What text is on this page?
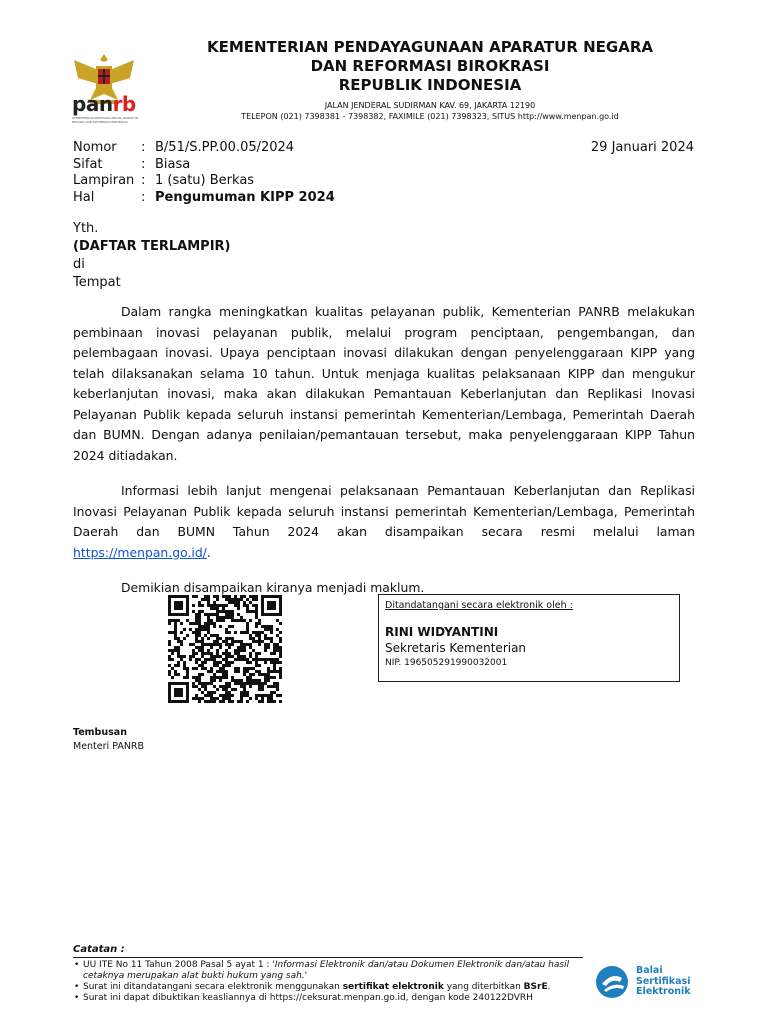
panrb
KEMENTERIAN PENDAYAGUNAAN APARATUR NEGARA DAN REFORMASI BIROKRASI
KEMENTERIAN PENDAYAGUNAAN APARATUR NEGARA
DAN REFORMASI BIROKRASI
REPUBLIK INDONESIA
JALAN JENDERAL SUDIRMAN KAV. 69, JAKARTA 12190
TELEPON (021) 7398381 - 7398382, FAXIMILE (021) 7398323, SITUS http://www.menpan.go.id
Nomor	:	B/51/S.PP.00.05/2024
Sifat	:	Biasa
Lampiran	:	1 (satu) Berkas
Hal	:	Pengumuman KIPP 2024
29 Januari 2024
Yth.
(DAFTAR TERLAMPIR)
di
Tempat

Dalam rangka meningkatkan kualitas pelayanan publik, Kementerian PANRB melakukan pembinaan inovasi pelayanan publik, melalui program penciptaan, pengembangan, dan pelembagaan inovasi. Upaya penciptaan inovasi dilakukan dengan penyelenggaraan KIPP yang telah dilaksanakan selama 10 tahun. Untuk menjaga kualitas pelaksanaan KIPP dan mengukur keberlanjutan inovasi, maka akan dilakukan Pemantauan Keberlanjutan dan Replikasi Inovasi Pelayanan Publik kepada seluruh instansi pemerintah Kementerian/Lembaga, Pemerintah Daerah dan BUMN. Dengan adanya penilaian/pemantauan tersebut, maka penyelenggaraan KIPP Tahun 2024 ditiadakan.

Informasi lebih lanjut mengenai pelaksanaan Pemantauan Keberlanjutan dan Replikasi Inovasi Pelayanan Publik kepada seluruh instansi pemerintah Kementerian/Lembaga, Pemerintah Daerah dan BUMN Tahun 2024 akan disampaikan secara resmi melalui laman https://menpan.go.id/.

Demikian disampaikan kiranya menjadi maklum.

Ditandatangani secara elektronik oleh :
RINI WIDYANTINI
Sekretaris Kementerian
NIP. 196505291990032001
Tembusan
Menteri PANRB
Catatan :
• UU ITE No 11 Tahun 2008 Pasal 5 ayat 1 : 'Informasi Elektronik dan/atau Dokumen Elektronik dan/atau hasil cetaknya merupakan alat bukti hukum yang sah.'
• Surat ini ditandatangani secara elektronik menggunakan sertifikat elektronik yang diterbitkan BSrE.
• Surat ini dapat dibuktikan keasliannya di https://ceksurat.menpan.go.id, dengan kode 240122DVRH
Balai
Sertifikasi
Elektronik
